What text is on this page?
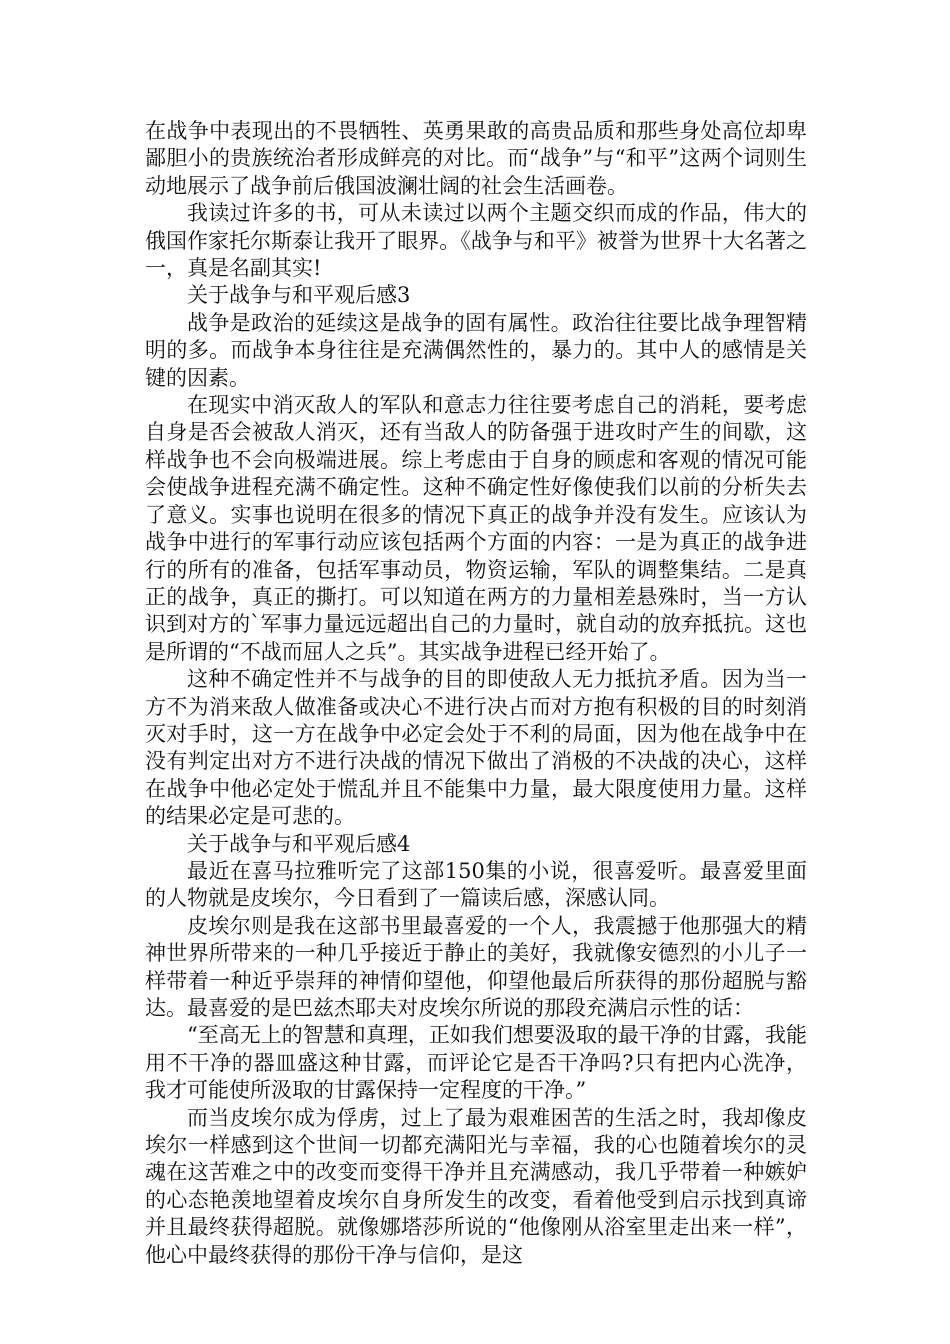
在战争中表现出的不畏牺牲、英勇果敢的高贵品质和那些身处高位却卑鄙胆小的贵族统治者形成鲜亮的对比。而“战争”与“和平”这两个词则生动地展示了战争前后俄国波澜壮阔的社会生活画卷。

我读过许多的书，可从未读过以两个主题交织而成的作品，伟大的俄国作家托尔斯泰让我开了眼界。《战争与和平》被誉为世界十大名著之一，真是名副其实!

关于战争与和平观后感3

战争是政治的延续这是战争的固有属性。政治往往要比战争理智精明的多。而战争本身往往是充满偶然性的，暴力的。其中人的感情是关键的因素。

在现实中消灭敌人的军队和意志力往往要考虑自己的消耗，要考虑自身是否会被敌人消灭，还有当敌人的防备强于进攻时产生的间歇，这样战争也不会向极端进展。综上考虑由于自身的顾虑和客观的情况可能会使战争进程充满不确定性。这种不确定性好像使我们以前的分析失去了意义。实事也说明在很多的情况下真正的战争并没有发生。应该认为战争中进行的军事行动应该包括两个方面的内容：一是为真正的战争进行的所有的准备，包括军事动员，物资运输，军队的调整集结。二是真正的战争，真正的撕打。可以知道在两方的力量相差悬殊时，当一方认识到对方的`军事力量远远超出自己的力量时，就自动的放弃抵抗。这也是所谓的“不战而屈人之兵”。其实战争进程已经开始了。

这种不确定性并不与战争的目的即使敌人无力抵抗矛盾。因为当一方不为消来敌人做准备或决心不进行决占而对方抱有积极的目的时刻消灭对手时，这一方在战争中必定会处于不利的局面，因为他在战争中在没有判定出对方不进行决战的情况下做出了消极的不决战的决心，这样在战争中他必定处于慌乱并且不能集中力量，最大限度使用力量。这样的结果必定是可悲的。

关于战争与和平观后感4

最近在喜马拉雅听完了这部150集的小说，很喜爱听。最喜爱里面的人物就是皮埃尔，今日看到了一篇读后感，深感认同。

皮埃尔则是我在这部书里最喜爱的一个人，我震撼于他那强大的精神世界所带来的一种几乎接近于静止的美好，我就像安德烈的小儿子一样带着一种近乎崇拜的神情仰望他，仰望他最后所获得的那份超脱与豁达。最喜爱的是巴兹杰耶夫对皮埃尔所说的那段充满启示性的话：

“至高无上的智慧和真理，正如我们想要汲取的最干净的甘露，我能用不干净的器皿盛这种甘露，而评论它是否干净吗?只有把内心洗净，我才可能使所汲取的甘露保持一定程度的干净。”

而当皮埃尔成为俘虏，过上了最为艰难困苦的生活之时，我却像皮埃尔一样感到这个世间一切都充满阳光与幸福，我的心也随着埃尔的灵魂在这苦难之中的改变而变得干净并且充满感动，我几乎带着一种嫉妒的心态艳羡地望着皮埃尔自身所发生的改变，看着他受到启示找到真谛并且最终获得超脱。就像娜塔莎所说的“他像刚从浴室里走出来一样”，他心中最终获得的那份干净与信仰，是这
